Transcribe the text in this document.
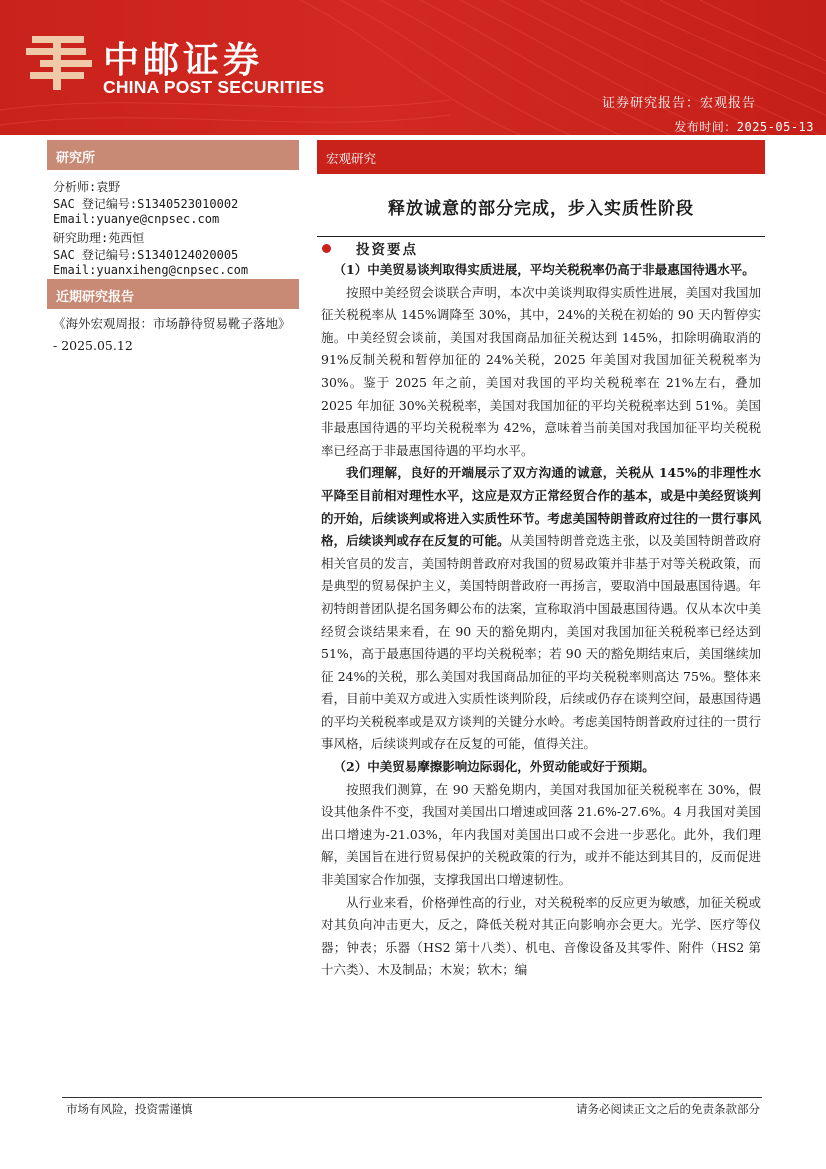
中邮证券
CHINA POST SECURITIES
证券研究报告：宏观报告
发布时间：2025-05-13
研究所
分析师:袁野
SAC 登记编号:S1340523010002
Email:yuanye@cnpsec.com
研究助理:苑西恒
SAC 登记编号:S1340124020005
Email:yuanxiheng@cnpsec.com
近期研究报告
《海外宏观周报：市场静待贸易靴子落地》 - 2025.05.12
宏观研究
释放诚意的部分完成，步入实质性阶段
投资要点

（1）中美贸易谈判取得实质进展，平均关税税率仍高于非最惠国待遇水平。

按照中美经贸会谈联合声明，本次中美谈判取得实质性进展，美国对我国加征关税税率从 145%调降至 30%，其中，24%的关税在初始的 90 天内暂停实施。中美经贸会谈前，美国对我国商品加征关税达到 145%，扣除明确取消的 91%反制关税和暂停加征的 24%关税，2025 年美国对我国加征关税税率为 30%。鉴于 2025 年之前，美国对我国的平均关税税率在 21%左右，叠加 2025 年加征 30%关税税率，美国对我国加征的平均关税税率达到 51%。美国非最惠国待遇的平均关税税率为 42%，意味着当前美国对我国加征平均关税税率已经高于非最惠国待遇的平均水平。

我们理解，良好的开端展示了双方沟通的诚意，关税从 145%的非理性水平降至目前相对理性水平，这应是双方正常经贸合作的基本，或是中美经贸谈判的开始，后续谈判或将进入实质性环节。考虑美国特朗普政府过往的一贯行事风格，后续谈判或存在反复的可能。从美国特朗普竞选主张，以及美国特朗普政府相关官员的发言，美国特朗普政府对我国的贸易政策并非基于对等关税政策，而是典型的贸易保护主义，美国特朗普政府一再扬言，要取消中国最惠国待遇。年初特朗普团队提名国务卿公布的法案，宣称取消中国最惠国待遇。仅从本次中美经贸会谈结果来看，在 90 天的豁免期内，美国对我国加征关税税率已经达到 51%，高于最惠国待遇的平均关税税率；若 90 天的豁免期结束后，美国继续加征 24%的关税，那么美国对我国商品加征的平均关税税率则高达 75%。整体来看，目前中美双方或进入实质性谈判阶段，后续或仍存在谈判空间，最惠国待遇的平均关税税率或是双方谈判的关键分水岭。考虑美国特朗普政府过往的一贯行事风格，后续谈判或存在反复的可能，值得关注。

（2）中美贸易摩擦影响边际弱化，外贸动能或好于预期。

按照我们测算，在 90 天豁免期内，美国对我国加征关税税率在 30%，假设其他条件不变，我国对美国出口增速或回落 21.6%-27.6%。4 月我国对美国出口增速为-21.03%，年内我国对美国出口或不会进一步恶化。此外，我们理解，美国旨在进行贸易保护的关税政策的行为，或并不能达到其目的，反而促进非美国家合作加强，支撑我国出口增速韧性。

从行业来看，价格弹性高的行业，对关税税率的反应更为敏感，加征关税或对其负向冲击更大，反之，降低关税对其正向影响亦会更大。光学、医疗等仪器；钟表；乐器（HS2 第十八类）、机电、音像设备及其零件、附件（HS2 第十六类）、木及制品；木炭；软木；编

市场有风险，投资需谨慎	请务必阅读正文之后的免责条款部分
